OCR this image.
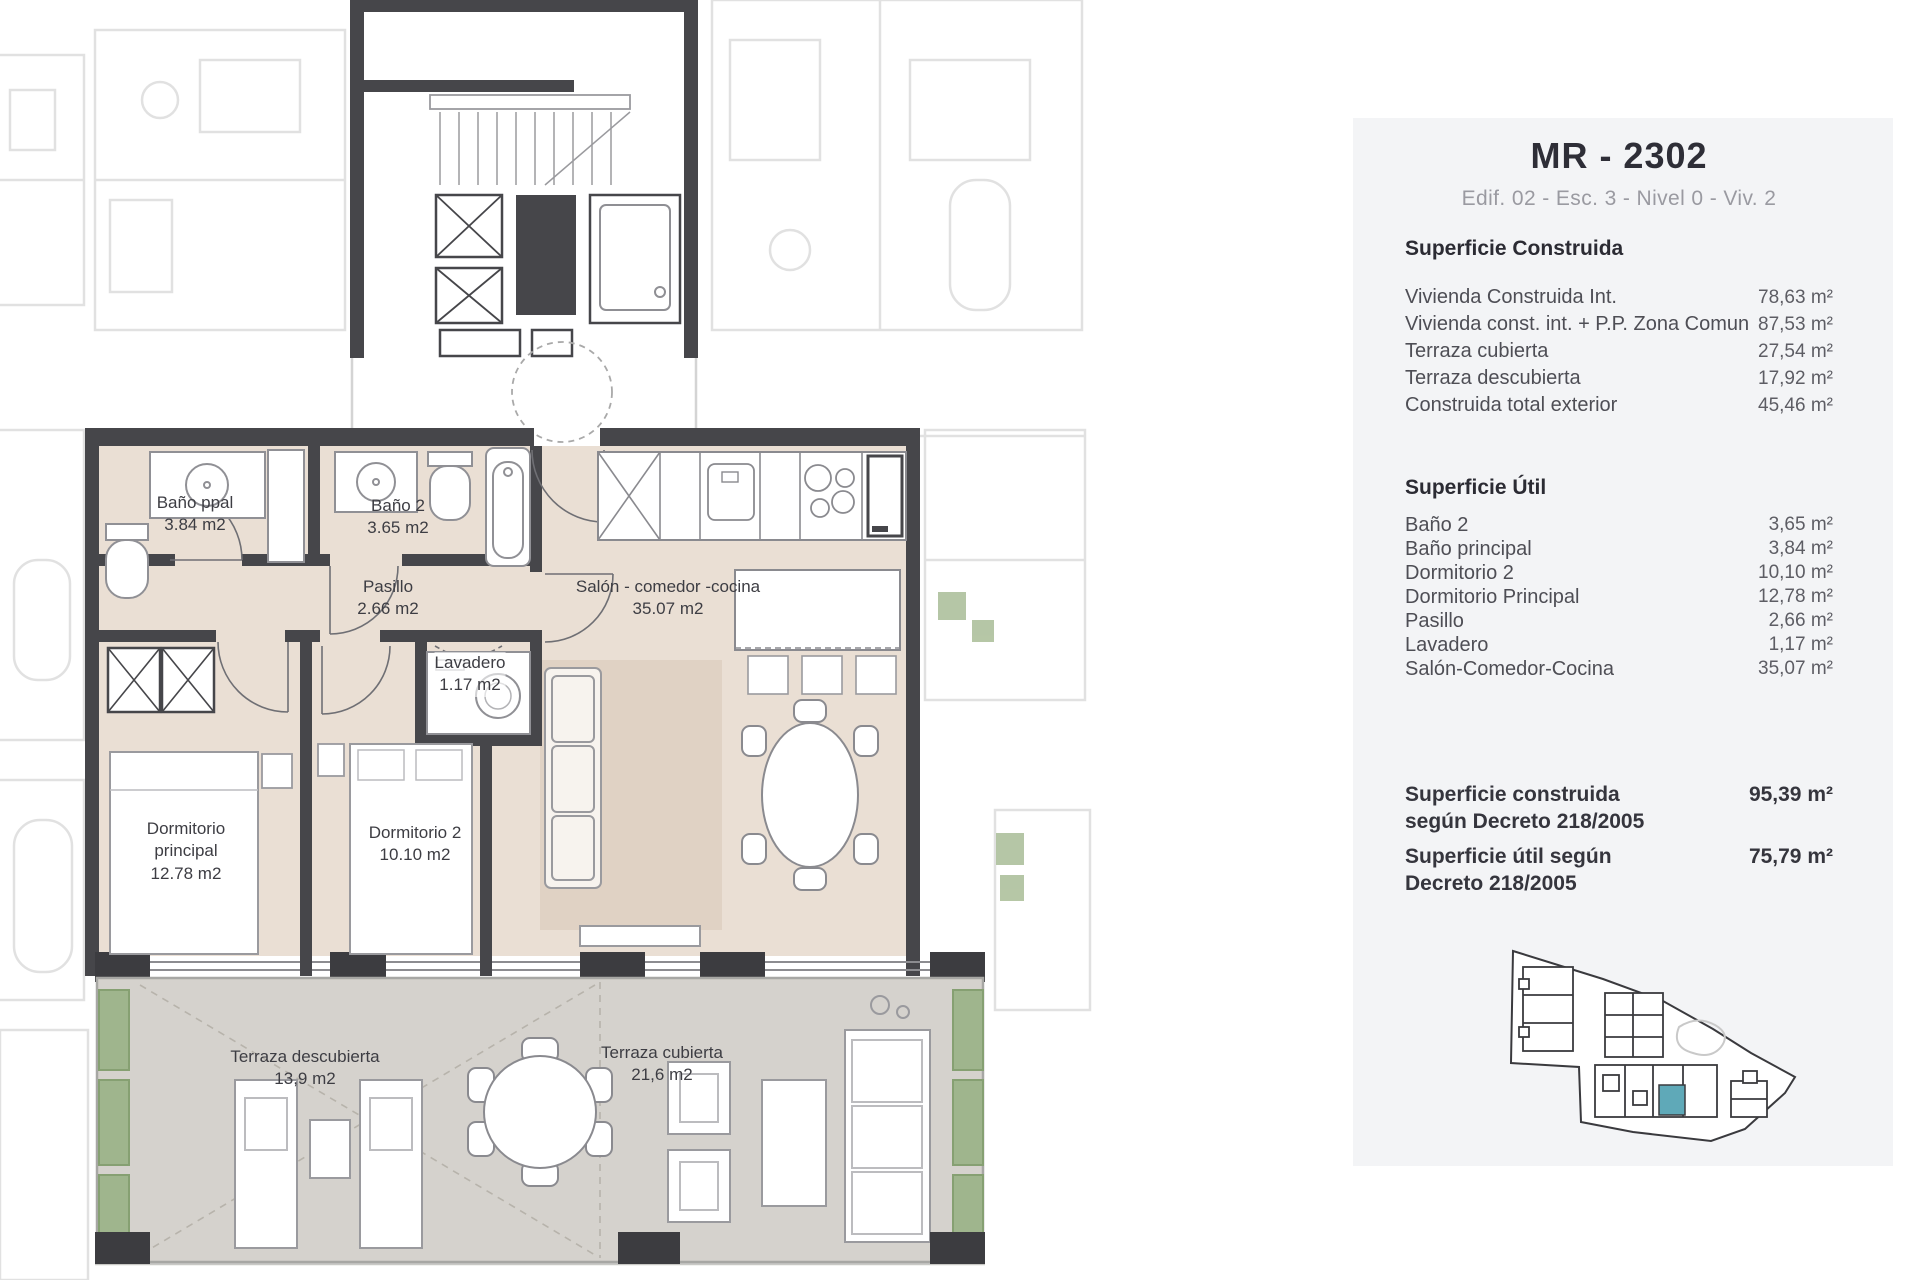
Baño ppal
3.84 m2
Baño 2
3.65 m2
Pasillo
2.66 m2
Lavadero
1.17 m2
Salón - comedor -cocina
35.07 m2
Dormitorio
principal
12.78 m2
Dormitorio 2
10.10 m2
Terraza descubierta
13,9 m2
Terraza cubierta
21,6 m2
MR - 2302
Edif. 02 - Esc. 3 - Nivel 0 - Viv. 2
Superficie Construida
Vivienda Construida Int.	78,63 m²
Vivienda const. int. + P.P. Zona Comun 87,53 m²
Terraza cubierta	27,54 m²
Terraza descubierta	17,92 m²
Construida total exterior	45,46 m²
Superficie Útil
Baño 2	3,65 m²
Baño principal	3,84 m²
Dormitorio 2	10,10 m²
Dormitorio Principal	12,78 m²
Pasillo	2,66 m²
Lavadero	1,17 m²
Salón-Comedor-Cocina	35,07 m²
Superficie construida
según Decreto 218/2005
95,39 m²
Superficie útil según
Decreto 218/2005
75,79 m²
